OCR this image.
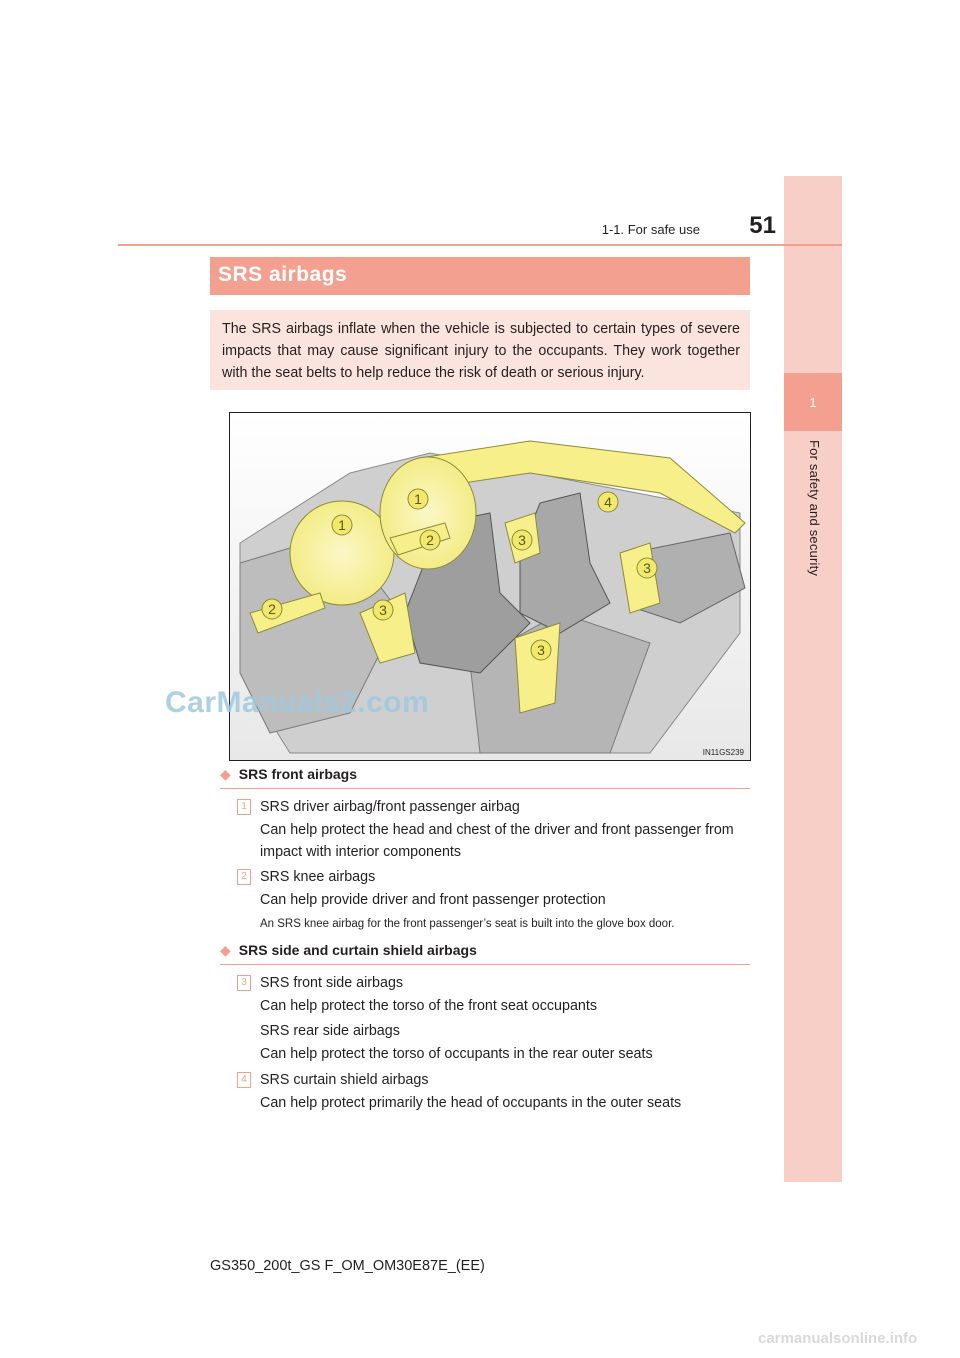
1
For safety and security
1-1. For safe use	51
SRS airbags
The SRS airbags inflate when the vehicle is subjected to certain types of severe impacts that may cause significant injury to the occupants. They work together with the seat belts to help reduce the risk of death or serious injury.
1
1
2
2
3
3
3
3
4
IN11GS239
◆ SRS front airbags
1 SRS driver airbag/front passenger airbag
Can help protect the head and chest of the driver and front passenger from impact with interior components
2 SRS knee airbags
Can help provide driver and front passenger protection
An SRS knee airbag for the front passenger’s seat is built into the glove box door.
◆ SRS side and curtain shield airbags
3 SRS front side airbags
Can help protect the torso of the front seat occupants
SRS rear side airbags
Can help protect the torso of occupants in the rear outer seats
4 SRS curtain shield airbags
Can help protect primarily the head of occupants in the outer seats
GS350_200t_GS F_OM_OM30E87E_(EE)
CarManuals2.com
carmanualsonline.info
